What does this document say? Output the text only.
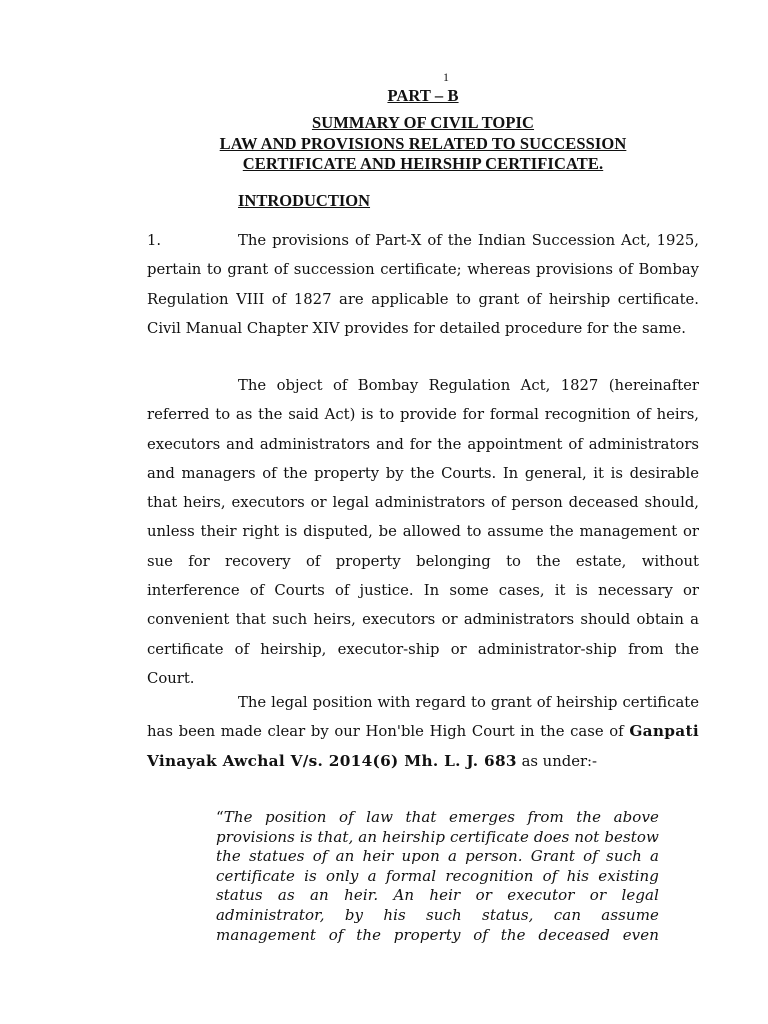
1
PART – B
SUMMARY OF CIVIL TOPIC
LAW AND PROVISIONS RELATED TO SUCCESSION
CERTIFICATE AND HEIRSHIP CERTIFICATE.
INTRODUCTION
1.	The provisions of Part-X of the Indian Succession Act, 1925, pertain to grant of succession certificate; whereas provisions of Bombay Regulation VIII of 1827 are applicable to grant of heirship certificate. Civil Manual Chapter XIV provides for detailed procedure for the same.
The object of Bombay Regulation Act, 1827 (hereinafter referred to as the said Act) is to provide for formal recognition of heirs, executors and administrators and for the appointment of administrators and managers of the property by the Courts. In general, it is desirable that heirs, executors or legal administrators of person deceased should, unless their right is disputed, be allowed to assume the management or sue for recovery of property belonging to the estate, without interference of Courts of justice. In some cases, it is necessary or convenient that such heirs, executors or administrators should obtain a certificate of heirship, executor-ship or administrator-ship from the Court.
The legal position with regard to grant of heirship certificate has been made clear by our Hon'ble High Court in the case of Ganpati Vinayak Awchal V/s. 2014(6) Mh. L. J. 683 as under:-
“The position of law that emerges from the above provisions is that, an heirship certificate does not bestow the statues of an heir upon a person. Grant of such a certificate is only a formal recognition of his existing status as an heir. An heir or executor or legal administrator, by his such status, can assume management of the property of the deceased even
